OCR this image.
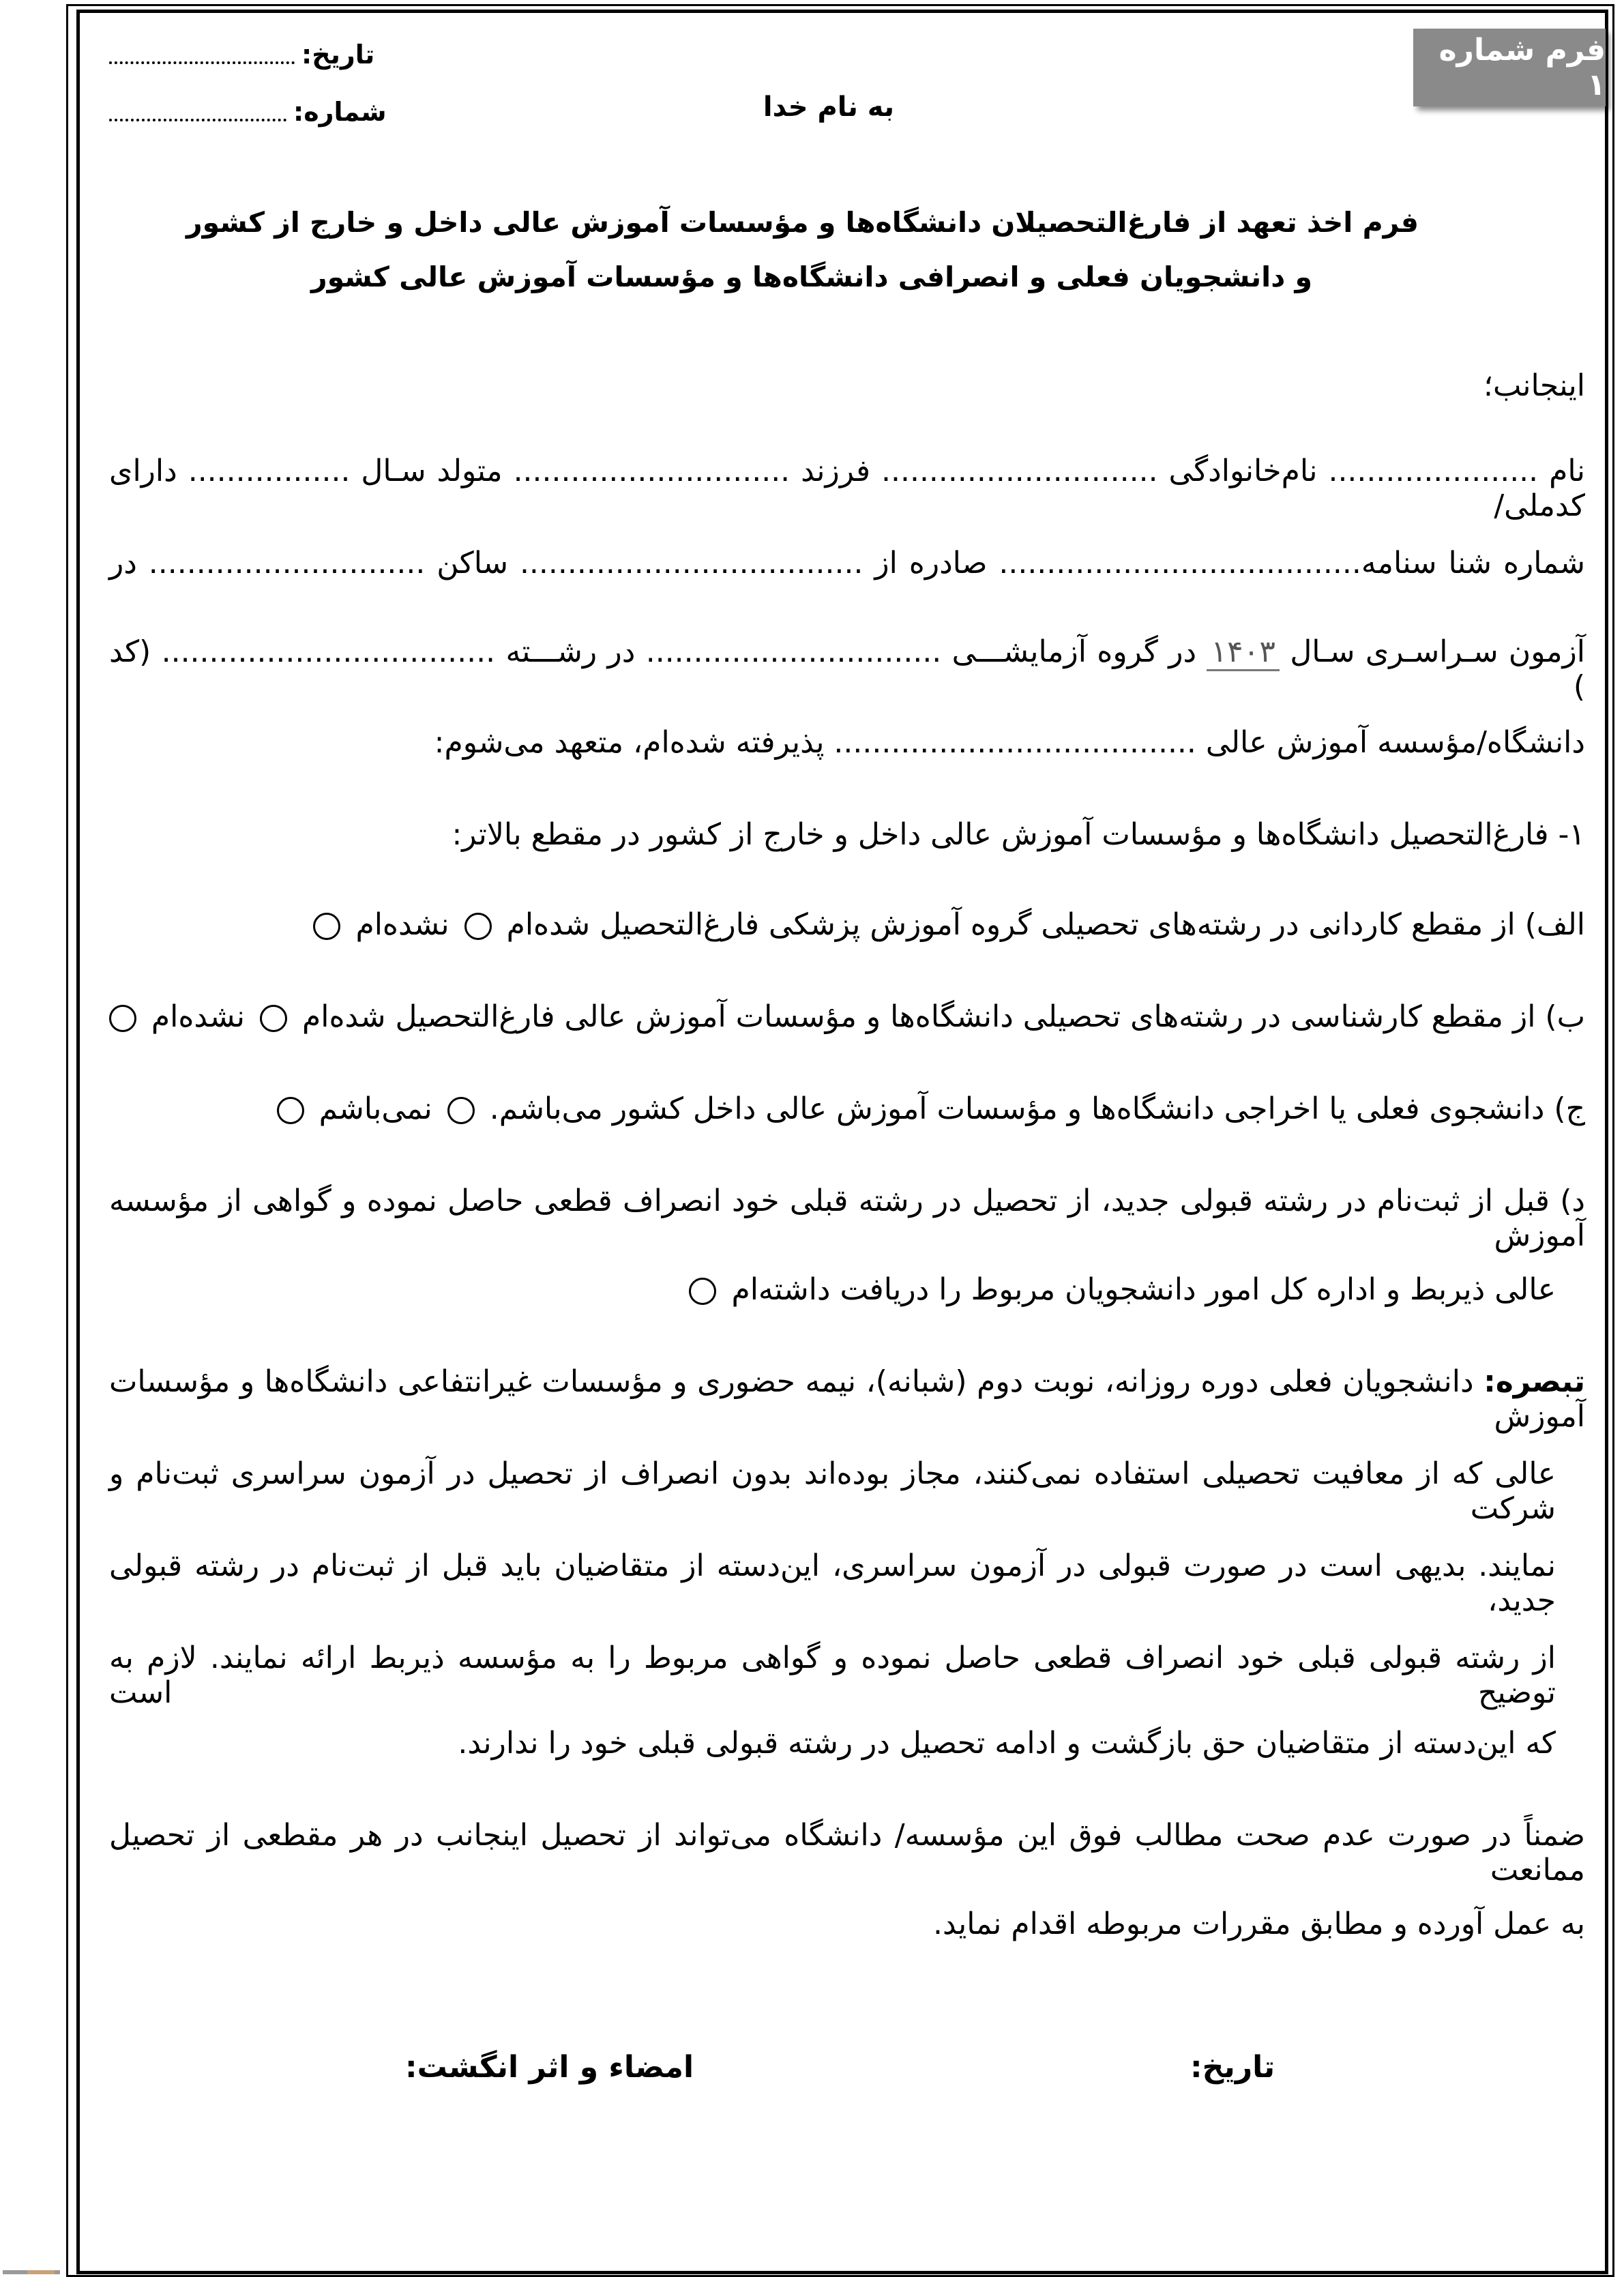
فرم شماره ۱
تاریخ:
شماره:	به نام خدا
فرم اخذ تعهد از فارغ‌التحصیلان دانشگاه‌ها و مؤسسات آموزش عالی داخل و خارج از کشور
و دانشجویان فعلی و انصرافی دانشگاه‌ها و مؤسسات آموزش عالی کشور
اینجانب؛
نام ...................... نام‌خانوادگی ............................. فرزند ............................. متولد سـال ................. دارای کدملی/
شماره شنا سنامه...................................... صادره از .................................... ساکن ............................. در
آزمون سـراسـری سـال ۱۴۰۳ در گروه آزمایشـــی ............................... در رشـــته ................................... (کد )
دانشگاه/مؤسسه آموزش عالی ...................................... پذیرفته شده‌ام، متعهد می‌شوم:
۱- فارغ‌التحصیل دانشگاه‌ها و مؤسسات آموزش عالی داخل و خارج از کشور در مقطع بالاتر:
الف) از مقطع کاردانی در رشته‌های تحصیلی گروه آموزش پزشکی فارغ‌التحصیل شده‌ام  نشده‌ام
ب) از مقطع کارشناسی در رشته‌های تحصیلی دانشگاه‌ها و مؤسسات آموزش عالی فارغ‌التحصیل شده‌ام  نشده‌ام
ج) دانشجوی فعلی یا اخراجی دانشگاه‌ها و مؤسسات آموزش عالی داخل کشور می‌باشم.  نمی‌باشم
د) قبل از ثبت‌نام در رشته قبولی جدید، از تحصیل در رشته قبلی خود انصراف قطعی حاصل نموده و گواهی از مؤسسه آموزش
عالی ذیربط و اداره کل امور دانشجویان مربوط را دریافت داشته‌ام
تبصره: دانشجویان فعلی دوره روزانه، نوبت دوم (شبانه)، نیمه حضوری و مؤسسات غیرانتفاعی دانشگاه‌ها و مؤسسات آموزش
عالی که از معافیت تحصیلی استفاده نمی‌کنند، مجاز بوده‌اند بدون انصراف از تحصیل در آزمون سراسری ثبت‌نام و شرکت
نمایند. بدیهی است در صورت قبولی در آزمون سراسری، این‌دسته از متقاضیان باید قبل از ثبت‌نام در رشته قبولی جدید،
از رشته قبولی قبلی خود انصراف قطعی حاصل نموده و گواهی مربوط را به مؤسسه ذیربط ارائه نمایند. لازم به توضیح است
که این‌دسته از متقاضیان حق بازگشت و ادامه تحصیل در رشته قبولی قبلی خود را ندارند.
ضمناً در صورت عدم صحت مطالب فوق این مؤسسه/ دانشگاه می‌تواند از تحصیل اینجانب در هر مقطعی از تحصیل ممانعت
به عمل آورده و مطابق مقررات مربوطه اقدام نماید.
تاریخ:
امضاء و اثر انگشت:
